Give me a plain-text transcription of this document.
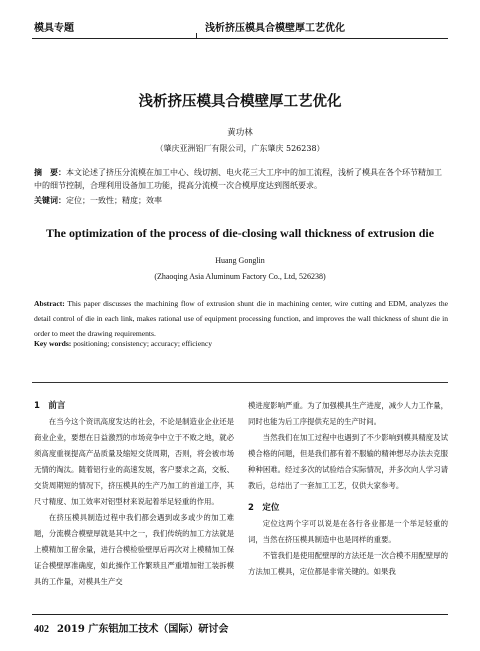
模具专题	浅析挤压模具合模壁厚工艺优化
浅析挤压模具合模壁厚工艺优化
黄功林
（肇庆亚洲铝厂有限公司，广东肇庆 526238）
摘　要：本文论述了挤压分流模在加工中心、线切割、电火花三大工序中的加工流程，浅析了模具在各个环节精加工中的细节控制，合理利用设备加工功能，提高分流模一次合模厚度达到图纸要求。
关键词：定位；一致性；精度；效率
The optimization of the process of die-closing wall thickness of extrusion die
Huang Gonglin
(Zhaoqing Asia Aluminum Factory Co., Ltd, 526238)
Abstract: This paper discusses the machining flow of extrusion shunt die in machining center, wire cutting and EDM, analyzes the detail control of die in each link, makes rational use of equipment processing function, and improves the wall thickness of shunt die in order to meet the drawing requirements.
Key words: positioning; consistency; accuracy; efficiency
1　前言

在当今这个资讯高度发达的社会，不论是制造业企业还是商业企业，要想在日益激烈的市场竞争中立于不败之地，就必须高度重视提高产品质量及缩短交货周期，否则，将会被市场无情的淘汰。随着铝行业的高速发展，客户要求之高，交板、交货周期短的情况下，挤压模具的生产乃加工的首道工序，其尺寸精度、加工效率对铝型材来说起着举足轻重的作用。

在挤压模具制造过程中我们都会遇到或多或少的加工难题，分流模合模壁厚就是其中之一，我们传统的加工方法就是上模精加工留余量，进行合模检验壁厚后再次对上模精加工保证合模壁厚准确度，如此操作工作繁琐且严重增加钳工装拆模具的工作量，对模具生产交

模进度影响严重。为了加强模具生产进度，减少人力工作量，同时也能为后工序提供充足的生产时间。

当然我们在加工过程中也遇到了不少影响到模具精度及试模合格的问题，但是我们都有着不服输的精神想尽办法去克服种种困难。经过多次的试验结合实际情况，并多次向人学习请教后，总结出了一套加工工艺，仅供大家参考。

2　定位

定位这两个字可以说是在各行各业都是一个举足轻重的词，当然在挤压模具制造中也是同样的重要。

不管我们是使用配壁厚的方法还是一次合模不用配壁厚的方法加工模具，定位都是非常关键的。如果我

402 2019 广东铝加工技术（国际）研讨会
